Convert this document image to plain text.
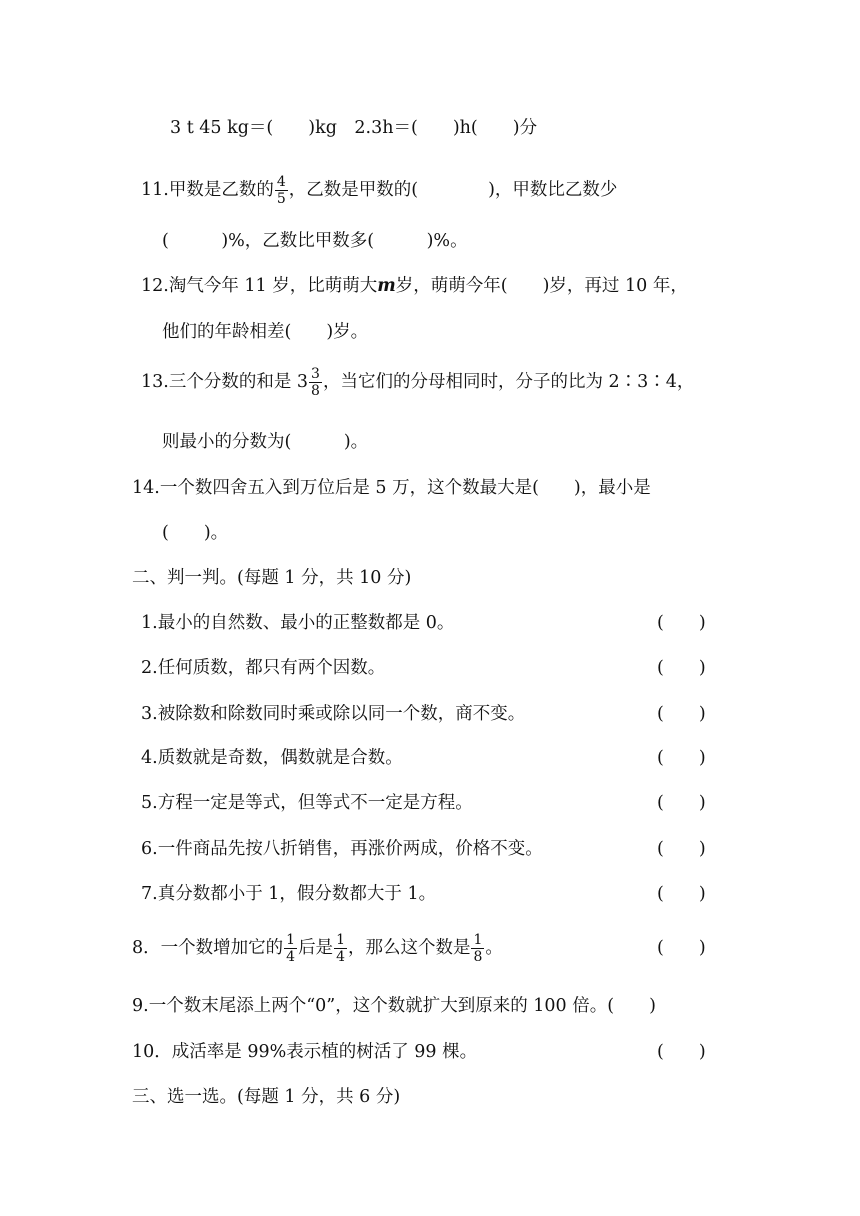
3 t 45 kg＝(　　)kg　2.3h＝(　　)h(　　)分
11.甲数是乙数的 $\frac{4}{5}$ ，乙数是甲数的(　　　　)，甲数比乙数少
(　　　)%，乙数比甲数多(　　　)%。
12.淘气今年 11 岁，比萌萌大 m 岁，萌萌今年(　　)岁，再过 10 年，
他们的年龄相差(　　)岁。
13.三个分数的和是 $3 \frac{3}{8}$ ，当它们的分母相同时，分子的比为 2∶3∶4，
则最小的分数为(　　　)。
14.一个数四舍五入到万位后是 5 万，这个数最大是(　　)，最小是
(　　)。
二、判一判。(每题 1 分，共 10 分)
1.最小的自然数、最小的正整数都是 0。	(　　)
2.任何质数，都只有两个因数。	(　　)
3.被除数和除数同时乘或除以同一个数，商不变。	(　　)
4.质数就是奇数，偶数就是合数。	(　　)
5.方程一定是等式，但等式不一定是方程。	(　　)
6.一件商品先按八折销售，再涨价两成，价格不变。	(　　)
7.真分数都小于 1，假分数都大于 1。	(　　)
8．一个数增加它的 $\frac{1}{4}$ 后是 $\frac{1}{4}$ ，那么这个数是 $\frac{1}{8}$ 。	(　　)
9.一个数末尾添上两个“0”，这个数就扩大到原来的 100 倍。(　　)
10．成活率是 99%表示植的树活了 99 棵。	(　　)
三、选一选。(每题 1 分，共 6 分)
